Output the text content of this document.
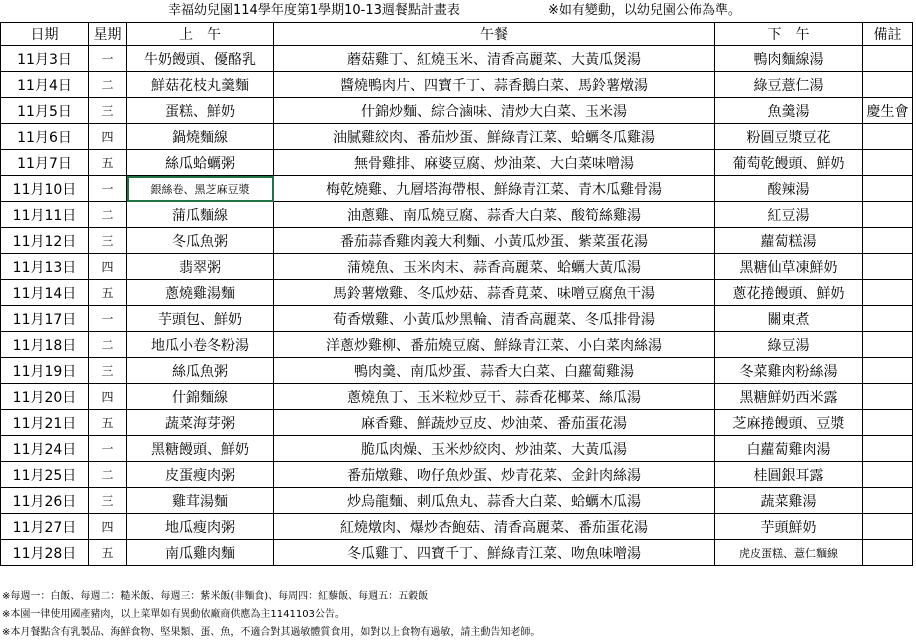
幸福幼兒園114學年度第1學期10-13週餐點計畫表

	※如有變動，以幼兒園公佈為準。

日期	星期	上　午	午餐	下　午	備註
11月3日	一	牛奶饅頭、優酪乳	蘑菇雞丁、紅燒玉米、清香高麗菜、大黃瓜煲湯	鴨肉麵線湯	
11月4日	二	鮮菇花枝丸羹麵	醬燒鴨肉片、四寶千丁、蒜香鵝白菜、馬鈴薯燉湯	綠豆薏仁湯	
11月5日	三	蛋糕、鮮奶	什錦炒麵、綜合滷味、清炒大白菜、玉米湯	魚羹湯	慶生會
11月6日	四	鍋燒麵線	油膩雞絞肉、番茄炒蛋、鮮綠青江菜、蛤蠣冬瓜雞湯	粉圓豆漿豆花	
11月7日	五	絲瓜蛤蠣粥	無骨雞排、麻婆豆腐、炒油菜、大白菜味噌湯	葡萄乾饅頭、鮮奶	
11月10日	一	銀絲卷、黑芝麻豆漿	梅乾燒雞、九層塔海帶根、鮮綠青江菜、青木瓜雞骨湯	酸辣湯	
11月11日	二	蒲瓜麵線	油蔥雞、南瓜燒豆腐、蒜香大白菜、酸筍絲雞湯	紅豆湯	
11月12日	三	冬瓜魚粥	番茄蒜香雞肉義大利麵、小黃瓜炒蛋、紫菜蛋花湯	蘿蔔糕湯	
11月13日	四	翡翠粥	蒲燒魚、玉米肉末、蒜香高麗菜、蛤蠣大黃瓜湯	黑糖仙草凍鮮奶	
11月14日	五	蔥燒雞湯麵	馬鈴薯燉雞、冬瓜炒菇、蒜香莧菜、味噌豆腐魚干湯	蔥花捲饅頭、鮮奶	
11月17日	一	芋頭包、鮮奶	荀香燉雞、小黃瓜炒黑輪、清香高麗菜、冬瓜排骨湯	關東煮	
11月18日	二	地瓜小卷冬粉湯	洋蔥炒雞柳、番茄燒豆腐、鮮綠青江菜、小白菜肉絲湯	綠豆湯	
11月19日	三	絲瓜魚粥	鴨肉羹、南瓜炒蛋、蒜香大白菜、白蘿蔔雞湯	冬菜雞肉粉絲湯	
11月20日	四	什錦麵線	蔥燒魚丁、玉米粒炒豆干、蒜香花椰菜、絲瓜湯	黑糖鮮奶西米露	
11月21日	五	蔬菜海芽粥	麻香雞、鮮蔬炒豆皮、炒油菜、番茄蛋花湯	芝麻捲饅頭、豆漿	
11月24日	一	黑糖饅頭、鮮奶	脆瓜肉燥、玉米炒絞肉、炒油菜、大黃瓜湯	白蘿蔔雞肉湯	
11月25日	二	皮蛋瘦肉粥	番茄燉雞、吻仔魚炒蛋、炒青花菜、金針肉絲湯	桂圓銀耳露	
11月26日	三	雞茸湯麵	炒烏龍麵、刺瓜魚丸、蒜香大白菜、蛤蠣木瓜湯	蔬菜雞湯	
11月27日	四	地瓜瘦肉粥	紅燒燉肉、爆炒杏鮑菇、清香高麗菜、番茄蛋花湯	芋頭鮮奶	
11月28日	五	南瓜雞肉麵	冬瓜雞丁、四寶千丁、鮮綠青江菜、吻魚味噌湯	虎皮蛋糕、薏仁麵線	
※每週一：白飯、每週二：糙米飯、每週三：紫米飯(非麵食)、每周四：紅藜飯、每週五：五穀飯
※本園一律使用國產豬肉，以上菜單如有異動依廠商供應為主1141103公告。
※本月餐點含有乳製品、海鮮食物、堅果類、蛋、魚，不適合對其過敏體質食用，如對以上食物有過敏，請主動告知老師。
